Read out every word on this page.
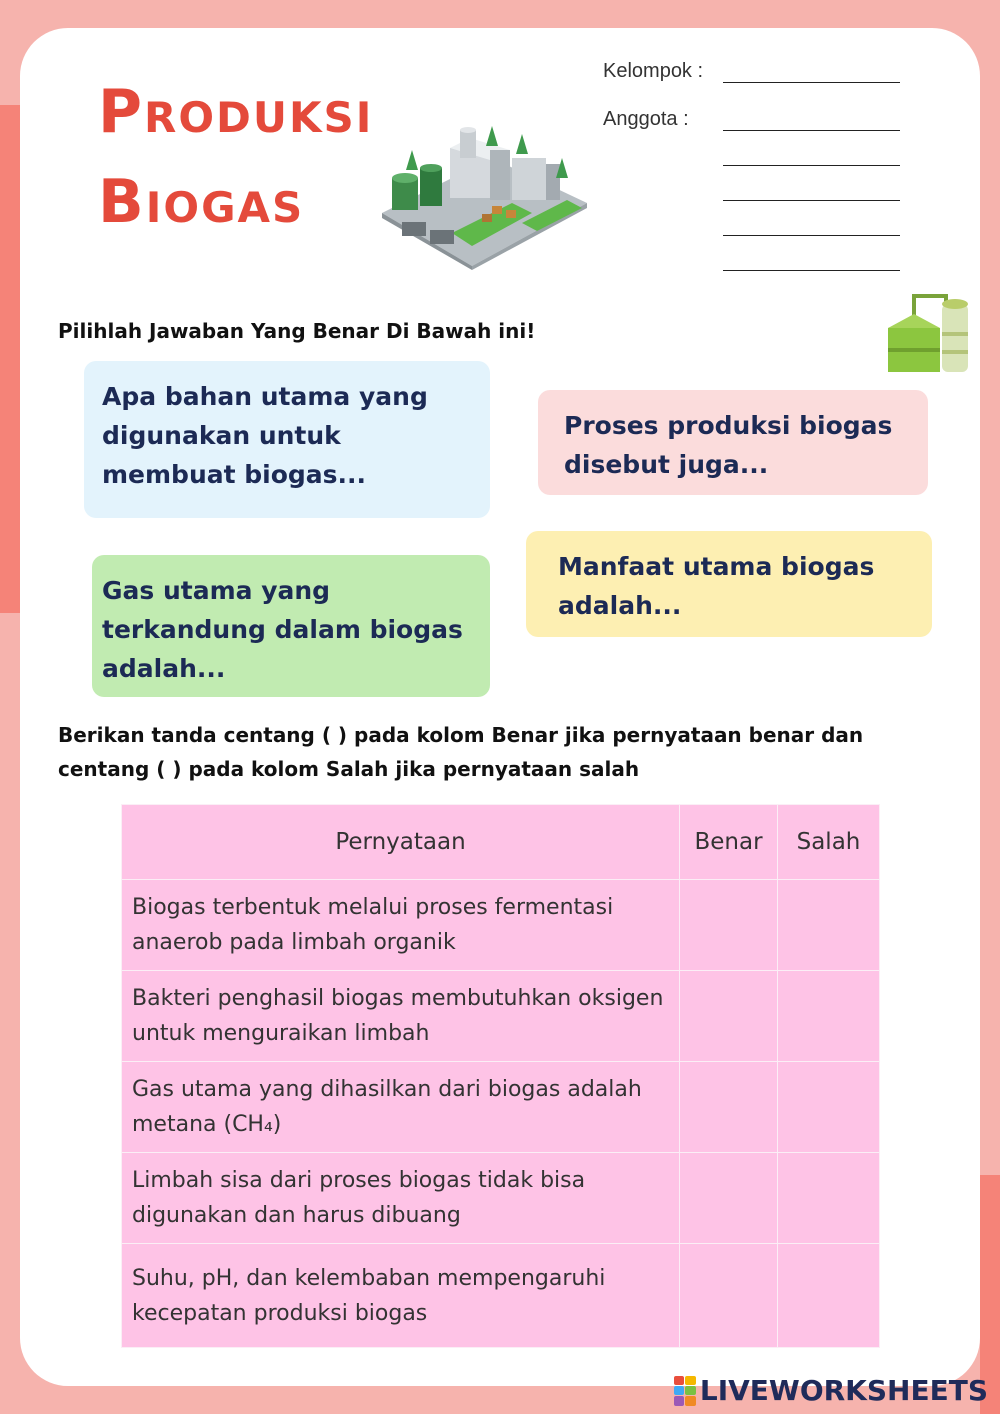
Produksi
Biogas
Kelompok :
Anggota :
Pilihlah Jawaban Yang Benar Di Bawah ini!
Apa bahan utama yang digunakan untuk membuat biogas...
Proses produksi biogas disebut juga...
Gas utama yang terkandung dalam biogas adalah...
Manfaat utama biogas adalah...
Berikan tanda centang ( ) pada kolom Benar jika pernyataan benar dan centang ( ) pada kolom Salah jika pernyataan salah
Pernyataan	Benar	Salah
Biogas terbentuk melalui proses fermentasi anaerob pada limbah organik		
Bakteri penghasil biogas membutuhkan oksigen untuk menguraikan limbah		
Gas utama yang dihasilkan dari biogas adalah metana (CH₄)		
Limbah sisa dari proses biogas tidak bisa digunakan dan harus dibuang		
Suhu, pH, dan kelembaban mempengaruhi kecepatan produksi biogas		
LIVEWORKSHEETS
